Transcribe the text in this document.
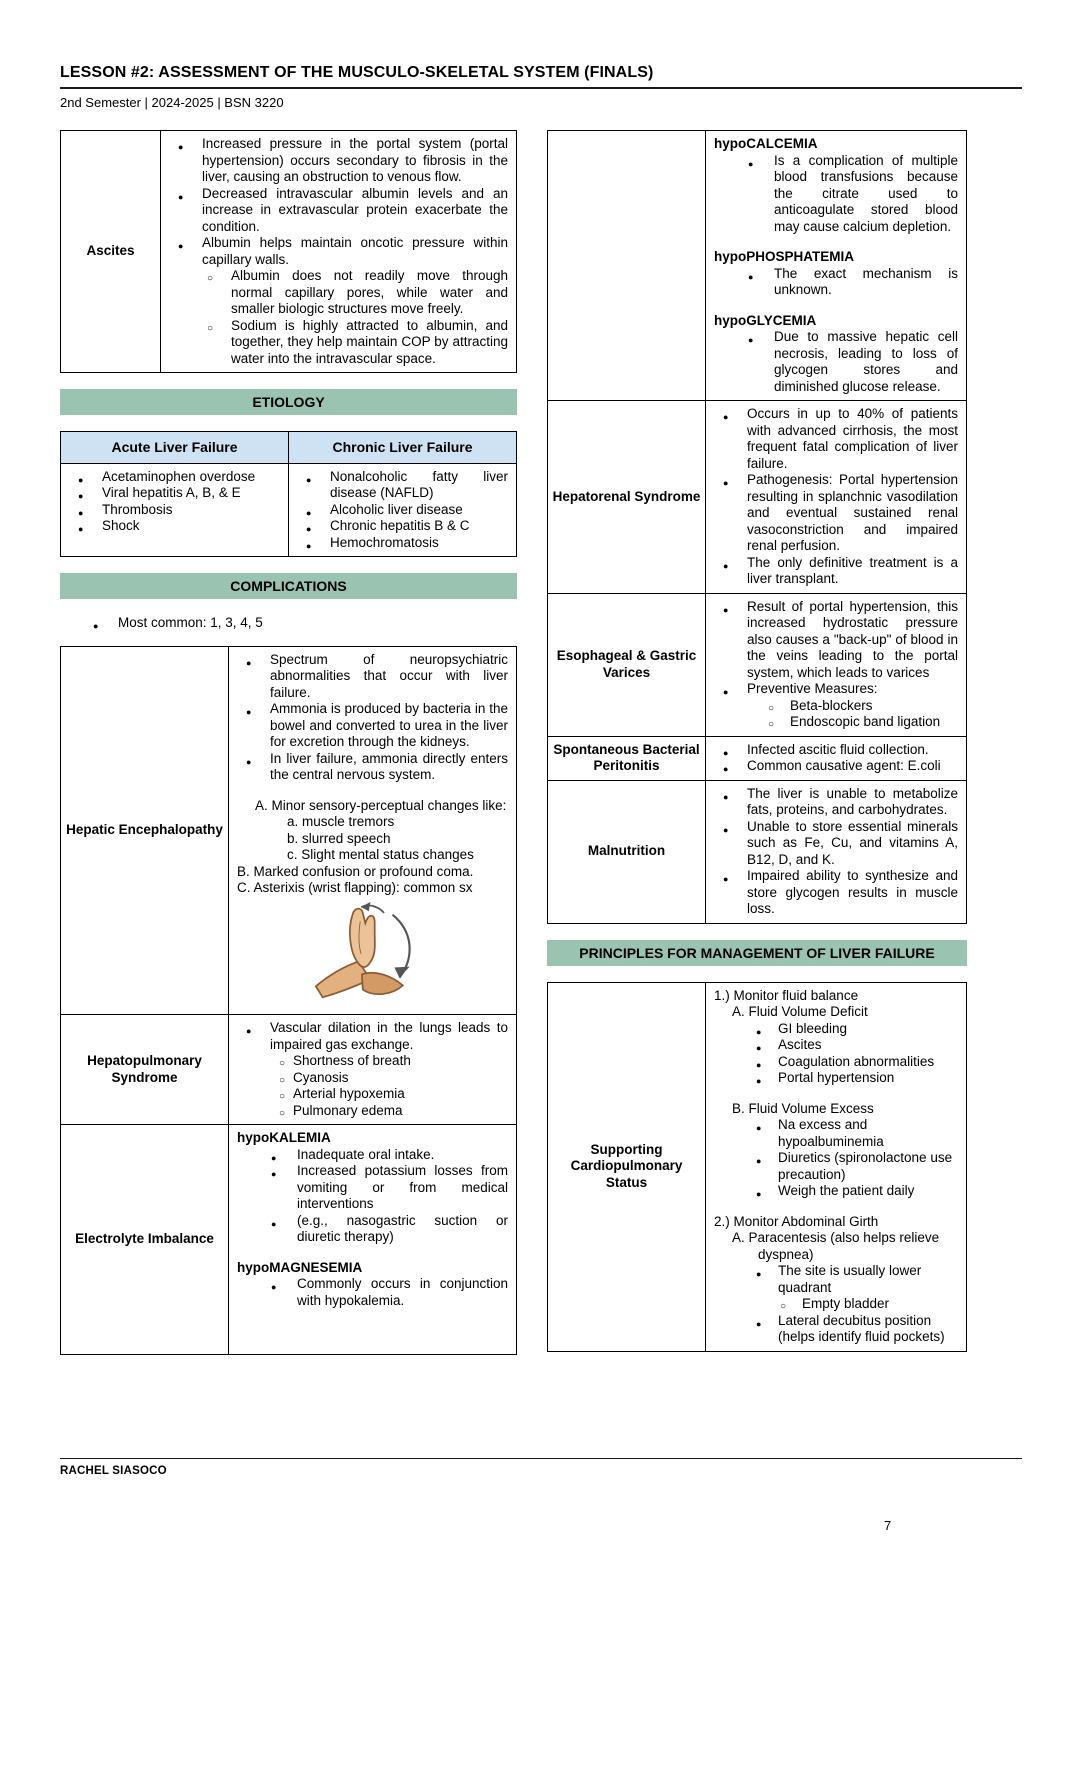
LESSON #2: ASSESSMENT OF THE MUSCULO-SKELETAL SYSTEM (FINALS)
2nd Semester | 2024-2025 | BSN 3220
Ascites	
● Increased pressure in the portal system (portal hypertension) occurs secondary to fibrosis in the liver, causing an obstruction to venous flow.
● Decreased intravascular albumin levels and an increase in extravascular protein exacerbate the condition.
● Albumin helps maintain oncotic pressure within capillary walls.
○ Albumin does not readily move through normal capillary pores, while water and smaller biologic structures move freely.
○ Sodium is highly attracted to albumin, and together, they help maintain COP by attracting water into the intravascular space.
ETIOLOGY
Acute Liver Failure	Chronic Liver Failure

● Acetaminophen overdose
● Viral hepatitis A, B, & E
● Thrombosis
● Shock

● Nonalcoholic fatty liver disease (NAFLD)
● Alcoholic liver disease
● Chronic hepatitis B & C
● Hemochromatosis
COMPLICATIONS
● Most common: 1, 3, 4, 5
Hepatic Encephalopathy	
● Spectrum of neuropsychiatric abnormalities that occur with liver failure.
● Ammonia is produced by bacteria in the bowel and converted to urea in the liver for excretion through the kidneys.
● In liver failure, ammonia directly enters the central nervous system.
A. Minor sensory-perceptual changes like:
a. muscle tremors
b. slurred speech
c. Slight mental status changes
B. Marked confusion or profound coma.
C. Asterixis (wrist flapping): common sx

Hepatopulmonary Syndrome	
● Vascular dilation in the lungs leads to impaired gas exchange.
○ Shortness of breath
○ Cyanosis
○ Arterial hypoxemia
○ Pulmonary edema

Electrolyte Imbalance	
hypoKALEMIA
● Inadequate oral intake.
● Increased potassium losses from vomiting or from medical interventions
● (e.g., nasogastric suction or diuretic therapy)
hypoMAGNESEMIA
● Commonly occurs in conjunction with hypokalemia.

hypoCALCEMIA
● Is a complication of multiple blood transfusions because the citrate used to anticoagulate stored blood may cause calcium depletion.
hypoPHOSPHATEMIA
● The exact mechanism is unknown.
hypoGLYCEMIA
● Due to massive hepatic cell necrosis, leading to loss of glycogen stores and diminished glucose release.

Hepatorenal Syndrome	
● Occurs in up to 40% of patients with advanced cirrhosis, the most frequent fatal complication of liver failure.
● Pathogenesis: Portal hypertension resulting in splanchnic vasodilation and eventual sustained renal vasoconstriction and impaired renal perfusion.
● The only definitive treatment is a liver transplant.

Esophageal & Gastric Varices	
● Result of portal hypertension, this increased hydrostatic pressure also causes a "back-up" of blood in the veins leading to the portal system, which leads to varices
● Preventive Measures:
○ Beta-blockers
○ Endoscopic band ligation

Spontaneous Bacterial Peritonitis	
● Infected ascitic fluid collection.
● Common causative agent: E.coli

Malnutrition	
● The liver is unable to metabolize fats, proteins, and carbohydrates.
● Unable to store essential minerals such as Fe, Cu, and vitamins A, B12, D, and K.
● Impaired ability to synthesize and store glycogen results in muscle loss.
PRINCIPLES FOR MANAGEMENT OF LIVER FAILURE
Supporting Cardiopulmonary Status	
1.) Monitor fluid balance
A. Fluid Volume Deficit
● GI bleeding
● Ascites
● Coagulation abnormalities
● Portal hypertension
B. Fluid Volume Excess
● Na excess and hypoalbuminemia
● Diuretics (spironolactone use precaution)
● Weigh the patient daily
2.) Monitor Abdominal Girth
A. Paracentesis (also helps relieve dyspnea)
● The site is usually lower quadrant
○ Empty bladder
● Lateral decubitus position (helps identify fluid pockets)
RACHEL SIASOCO
7
